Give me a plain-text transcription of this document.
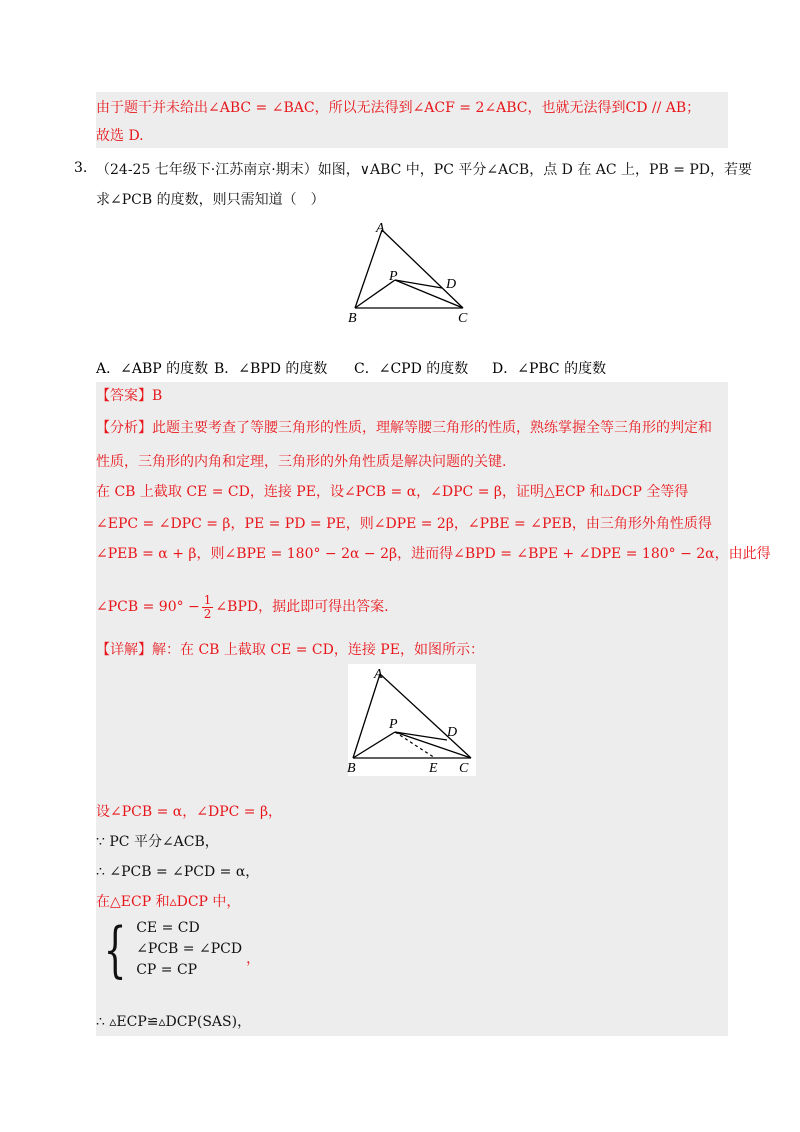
由于题干并未给出∠ABC = ∠BAC，所以无法得到∠ACF = 2∠ABC，也就无法得到CD // AB；
故选 D.
3. （24-25 七年级下·江苏南京·期末）如图，∨ABC 中，PC 平分∠ACB，点 D 在 AC 上，PB = PD，若要
求∠PCB 的度数，则只需知道（　）
A
B	C
D
P
A．∠ABP 的度数 B．∠BPD 的度数 C．∠CPD 的度数 D．∠PBC 的度数
【答案】B
【分析】此题主要考查了等腰三角形的性质，理解等腰三角形的性质，熟练掌握全等三角形的判定和
性质，三角形的内角和定理，三角形的外角性质是解决问题的关键.
在 CB 上截取 CE = CD，连接 PE，设∠PCB = α，∠DPC = β，证明△ECP 和▵DCP 全等得
∠EPC = ∠DPC = β，PE = PD = PE，则∠DPE = 2β，∠PBE = ∠PEB，由三角形外角性质得
∠PEB = α + β，则∠BPE = 180° − 2α − 2β，进而得∠BPD = ∠BPE + ∠DPE = 180° − 2α，由此得
∠PCB = $90^\circ - \frac{1}{2}$ ∠BPD，据此即可得出答案.
【详解】解：在 CB 上截取 CE = CD，连接 PE，如图所示：
A
B	C
D
P
E
设∠PCB = α，∠DPC = β，
∵ PC 平分∠ACB，
∴ ∠PCB = ∠PCD = α，
在△ECP 和▵DCP 中，
{ CE = CD
∠PCB = ∠PCD
CP = CP
，
∴ ▵ECP≌▵DCP(SAS)，
